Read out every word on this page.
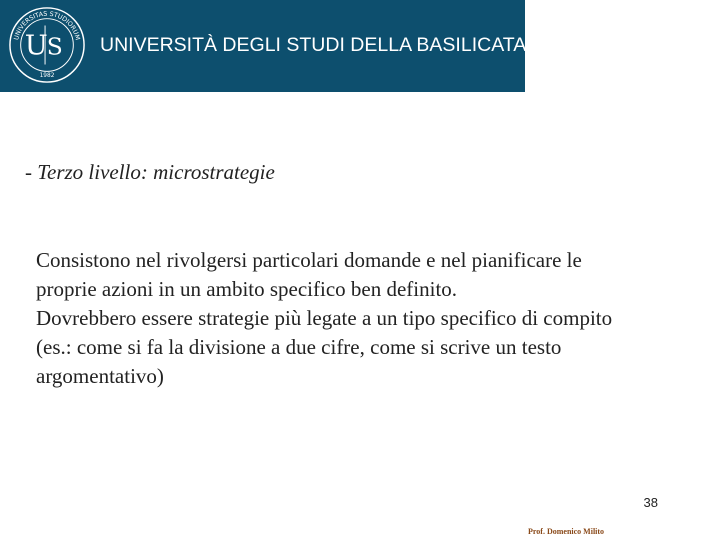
UNIVERSITAS STUDIORUM
1982
U S UNIVERSITÀ DEGLI STUDI DELLA BASILICATA
- Terzo livello: microstrategie

Consistono nel rivolgersi particolari domande e nel pianificare le proprie azioni in un ambito specifico ben definito.

Dovrebbero essere strategie più legate a un tipo specifico di compito (es.: come si fa la divisione a due cifre, come si scrive un testo argomentativo)

38
Prof. Domenico Milito
